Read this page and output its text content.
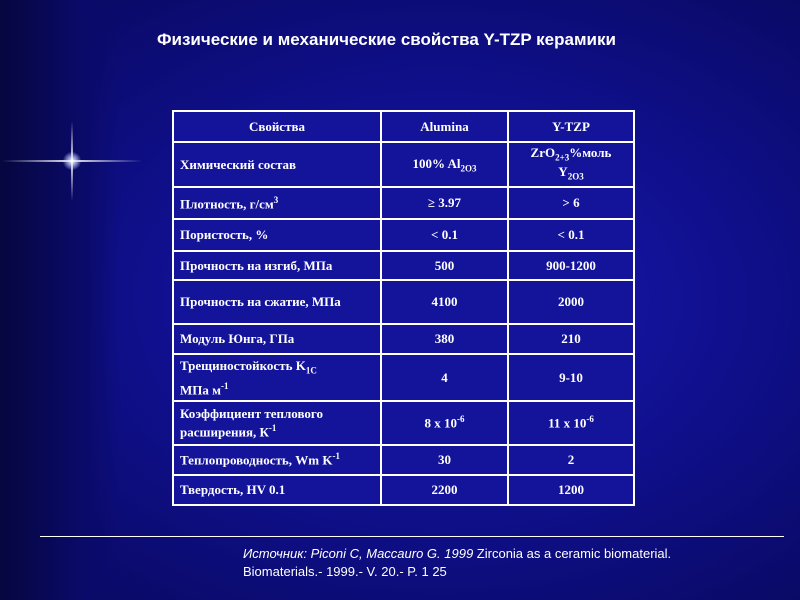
Физические и механические свойства Y-TZP керамики
Свойства	Alumina	Y-TZP
Химический состав	100% $Al_{2O3}$	ZrO$_{2+3}$%моль
$Y_{2O3}$
Плотность, $г/см^3$	≥ 3.97	> 6
Пористость, %	< 0.1	< 0.1
Прочность на изгиб, МПа	500	900-1200
Прочность на сжатие, МПа	4100	2000
Модуль Юнга, ГПа	380	210
Трещиностойкость $K_{1C}$
МПа $м^{-1}$	4	9-10
Коэффициент теплового
расширения, $К^{-1}$	8 x $10^{-6}$	11 x $10^{-6}$
Теплопроводность, Wm $K^{-1}$	30	2
Твердость, HV 0.1	2200	1200
Источник: Piconi C, Maccauro G. 1999 Zirconia as a ceramic biomaterial.
Biomaterials.- 1999.- V. 20.- P. 1 25
